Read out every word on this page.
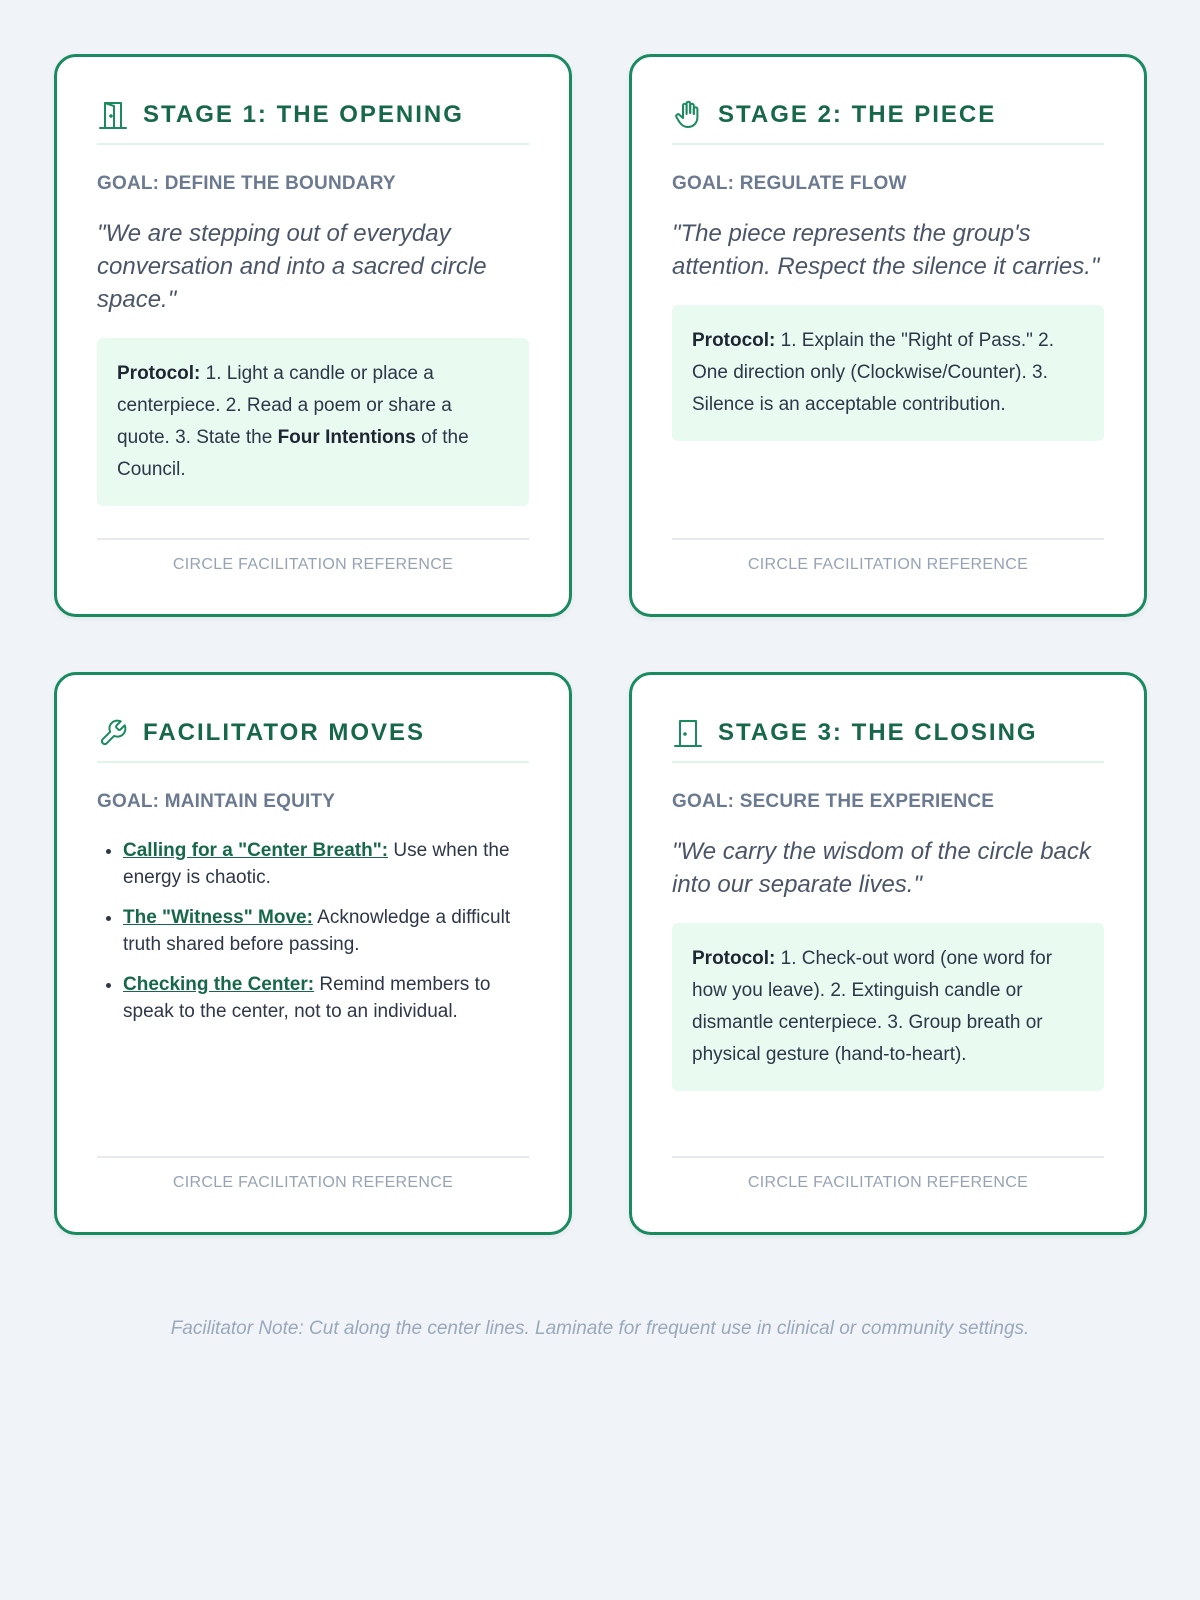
STAGE 1: THE OPENING
GOAL: DEFINE THE BOUNDARY
"We are stepping out of everyday conversation and into a sacred circle space."
Protocol: 1. Light a candle or place a centerpiece. 2. Read a poem or share a quote. 3. State the Four Intentions of the Council.
CIRCLE FACILITATION REFERENCE
STAGE 2: THE PIECE
GOAL: REGULATE FLOW
"The piece represents the group's attention. Respect the silence it carries."
Protocol: 1. Explain the "Right of Pass." 2. One direction only (Clockwise/Counter). 3. Silence is an acceptable contribution.
CIRCLE FACILITATION REFERENCE
FACILITATOR MOVES
GOAL: MAINTAIN EQUITY
• Calling for a "Center Breath": Use when the energy is chaotic.
• The "Witness" Move: Acknowledge a difficult truth shared before passing.
• Checking the Center: Remind members to speak to the center, not to an individual.
CIRCLE FACILITATION REFERENCE
STAGE 3: THE CLOSING
GOAL: SECURE THE EXPERIENCE
"We carry the wisdom of the circle back into our separate lives."
Protocol: 1. Check-out word (one word for how you leave). 2. Extinguish candle or dismantle centerpiece. 3. Group breath or physical gesture (hand-to-heart).
CIRCLE FACILITATION REFERENCE
Facilitator Note: Cut along the center lines. Laminate for frequent use in clinical or community settings.
